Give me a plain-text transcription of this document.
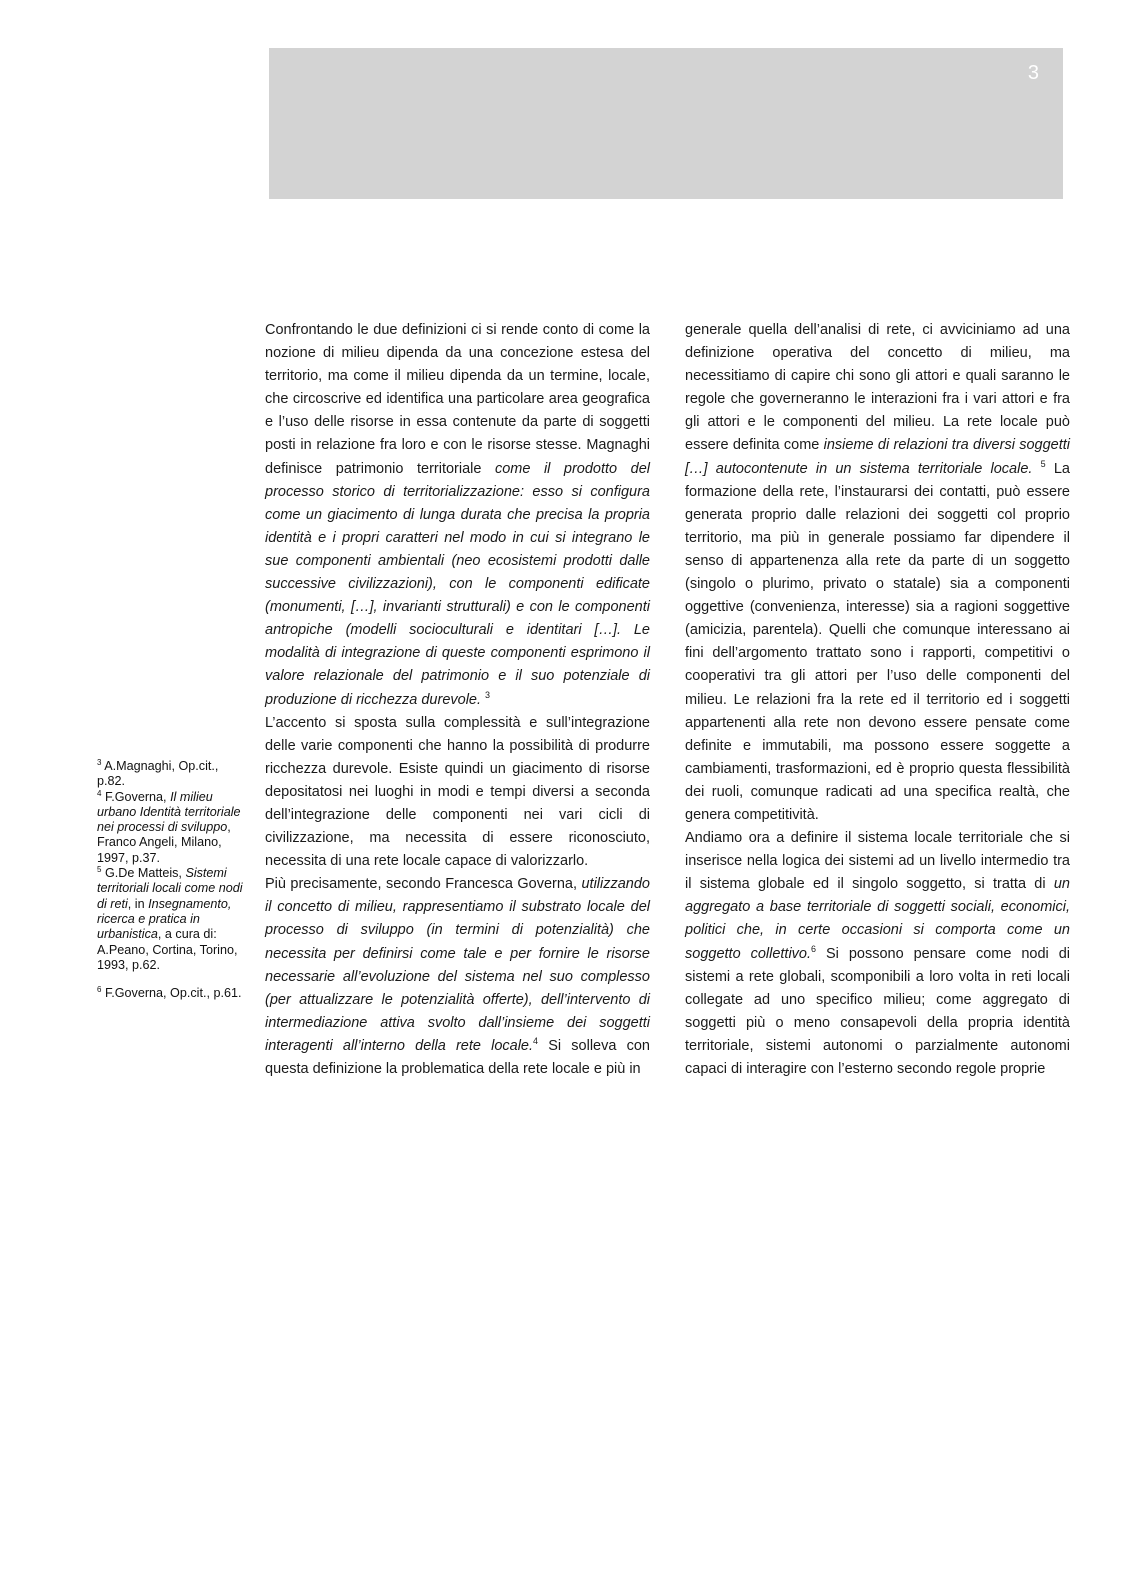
3

$^3$ A.Magnaghi, Op.cit., p.82.

$^4$ F.Governa, Il milieu urbano Identità territoriale nei processi di sviluppo, Franco Angeli, Milano, 1997, p.37.

$^5$ G.De Matteis, Sistemi territoriali locali come nodi di reti, in Insegnamento, ricerca e pratica in urbanistica, a cura di: A.Peano, Cortina, Torino, 1993, p.62.

$^6$ F.Governa, Op.cit., p.61.

Confrontando le due definizioni ci si rende conto di come la nozione di milieu dipenda da una concezione estesa del territorio, ma come il milieu dipenda da un termine, locale, che circoscrive ed identifica una particolare area geografica e l’uso delle risorse in essa contenute da parte di soggetti posti in relazione fra loro e con le risorse stesse. Magnaghi definisce patrimonio territoriale come il prodotto del processo storico di territorializzazione: esso si configura come un giacimento di lunga durata che precisa la propria identità e i propri caratteri nel modo in cui si integrano le sue componenti ambientali (neo ecosistemi prodotti dalle successive civilizzazioni), con le componenti edificate (monumenti, […], invarianti strutturali) e con le componenti antropiche (modelli socioculturali e identitari […]. Le modalità di integrazione di queste componenti esprimono il valore relazionale del patrimonio e il suo potenziale di produzione di ricchezza durevole. $^3$

L’accento si sposta sulla complessità e sull’integrazione delle varie componenti che hanno la possibilità di produrre ricchezza durevole. Esiste quindi un giacimento di risorse depositatosi nei luoghi in modi e tempi diversi a seconda dell’integrazione delle componenti nei vari cicli di civilizzazione, ma necessita di essere riconosciuto, necessita di una rete locale capace di valorizzarlo.

Più precisamente, secondo Francesca Governa, utilizzando il concetto di milieu, rappresentiamo il substrato locale del processo di sviluppo (in termini di potenzialità) che necessita per definirsi come tale e per fornire le risorse necessarie all’evoluzione del sistema nel suo complesso (per attualizzare le potenzialità offerte), dell’intervento di intermediazione attiva svolto dall’insieme dei soggetti interagenti all’interno della rete locale.$^4$ Si solleva con questa definizione la problematica della rete locale e più in

generale quella dell’analisi di rete, ci avviciniamo ad una definizione operativa del concetto di milieu, ma necessitiamo di capire chi sono gli attori e quali saranno le regole che governeranno le interazioni fra i vari attori e fra gli attori e le componenti del milieu. La rete locale può essere definita come insieme di relazioni tra diversi soggetti […] autocontenute in un sistema territoriale locale. $^5$ La formazione della rete, l’instaurarsi dei contatti, può essere generata proprio dalle relazioni dei soggetti col proprio territorio, ma più in generale possiamo far dipendere il senso di appartenenza alla rete da parte di un soggetto (singolo o plurimo, privato o statale) sia a componenti oggettive (convenienza, interesse) sia a ragioni soggettive (amicizia, parentela). Quelli che comunque interessano ai fini dell’argomento trattato sono i rapporti, competitivi o cooperativi tra gli attori per l’uso delle componenti del milieu. Le relazioni fra la rete ed il territorio ed i soggetti appartenenti alla rete non devono essere pensate come definite e immutabili, ma possono essere soggette a cambiamenti, trasformazioni, ed è proprio questa flessibilità dei ruoli, comunque radicati ad una specifica realtà, che genera competitività.

Andiamo ora a definire il sistema locale territoriale che si inserisce nella logica dei sistemi ad un livello intermedio tra il sistema globale ed il singolo soggetto, si tratta di un aggregato a base territoriale di soggetti sociali, economici, politici che, in certe occasioni si comporta come un soggetto collettivo.$^6$ Si possono pensare come nodi di sistemi a rete globali, scomponibili a loro volta in reti locali collegate ad uno specifico milieu; come aggregato di soggetti più o meno consapevoli della propria identità territoriale, sistemi autonomi o parzialmente autonomi capaci di interagire con l’esterno secondo regole proprie
